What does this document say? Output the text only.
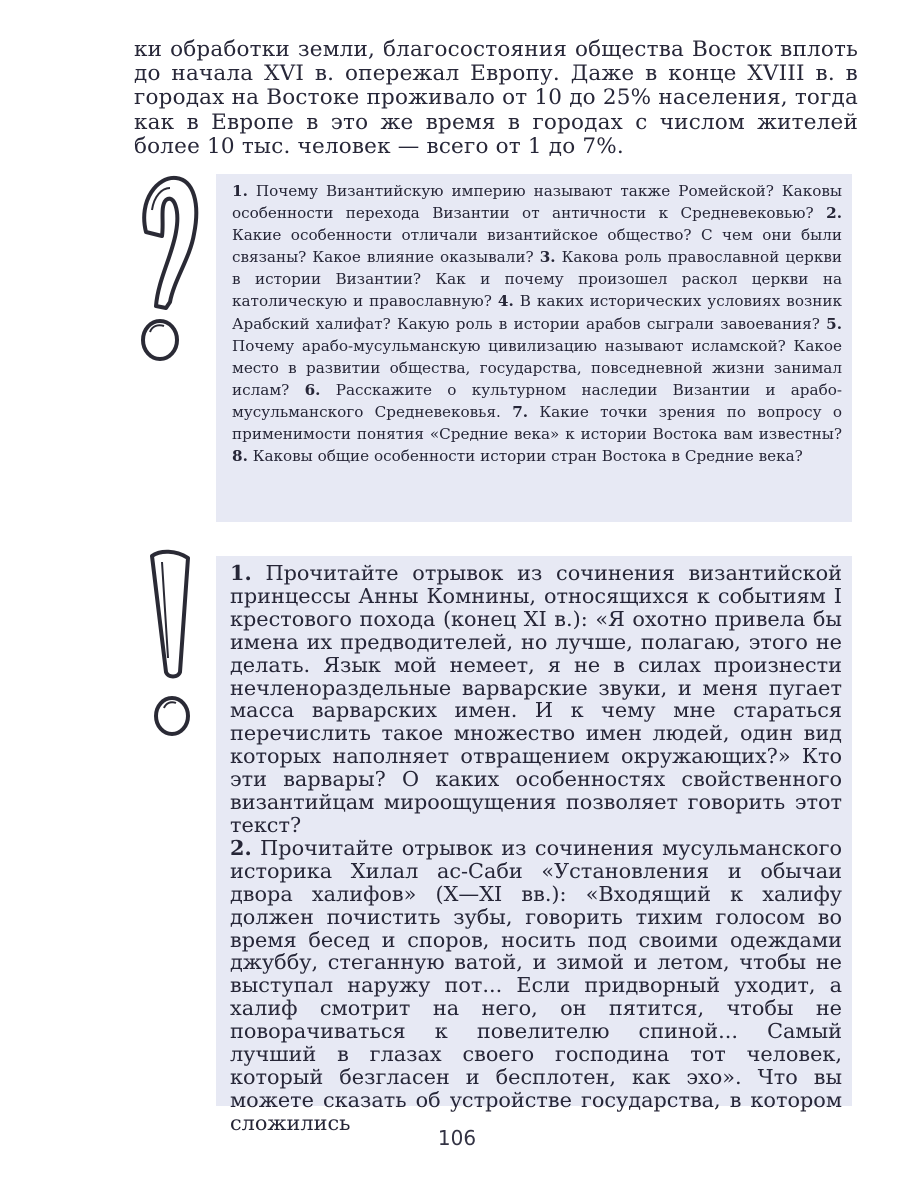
ки обработки земли, благосостояния общества Восток вплоть до начала XVI в. опережал Европу. Даже в конце XVIII в. в городах на Востоке проживало от 10 до 25% населения, тогда как в Европе в это же время в городах с числом жителей более 10 тыс. человек — всего от 1 до 7%.
1. Почему Византийскую империю называют также Ромейской? Каковы особенности перехода Византии от античности к Средневековью? 2. Какие особенности отличали византийское общество? С чем они были связаны? Какое влияние оказывали? 3. Какова роль православной церкви в истории Византии? Как и почему произошел раскол церкви на католическую и православную? 4. В каких исторических условиях возник Арабский халифат? Какую роль в истории арабов сыграли завоевания? 5. Почему арабо-мусульманскую цивилизацию называют исламской? Какое место в развитии общества, государства, повседневной жизни занимал ислам? 6. Расскажите о культурном наследии Византии и арабо-мусульманского Средневековья. 7. Какие точки зрения по вопросу о применимости понятия «Средние века» к истории Востока вам известны? 8. Каковы общие особенности истории стран Востока в Средние века?

1. Прочитайте отрывок из сочинения византийской принцессы Анны Комнины, относящихся к событиям I крестового похода (конец XI в.): «Я охотно привела бы имена их предводителей, но лучше, полагаю, этого не делать. Язык мой немеет, я не в силах произнести нечленораздельные варварские звуки, и меня пугает масса варварских имен. И к чему мне стараться перечислить такое множество имен людей, один вид которых наполняет отвращением окружающих?» Кто эти варвары? О каких особенностях свойственного византийцам мироощущения позволяет говорить этот текст?

2. Прочитайте отрывок из сочинения мусульманского историка Хилал ас-Саби «Установления и обычаи двора халифов» (X—XI вв.): «Входящий к халифу должен почистить зубы, говорить тихим голосом во время бесед и споров, носить под своими одеждами джуббу, стеганную ватой, и зимой и летом, чтобы не выступал наружу пот... Если придворный уходит, а халиф смотрит на него, он пятится, чтобы не поворачиваться к повелителю спиной... Самый лучший в глазах своего господина тот человек, который безгласен и бесплотен, как эхо». Что вы можете сказать об устройстве государства, в котором сложились

106
